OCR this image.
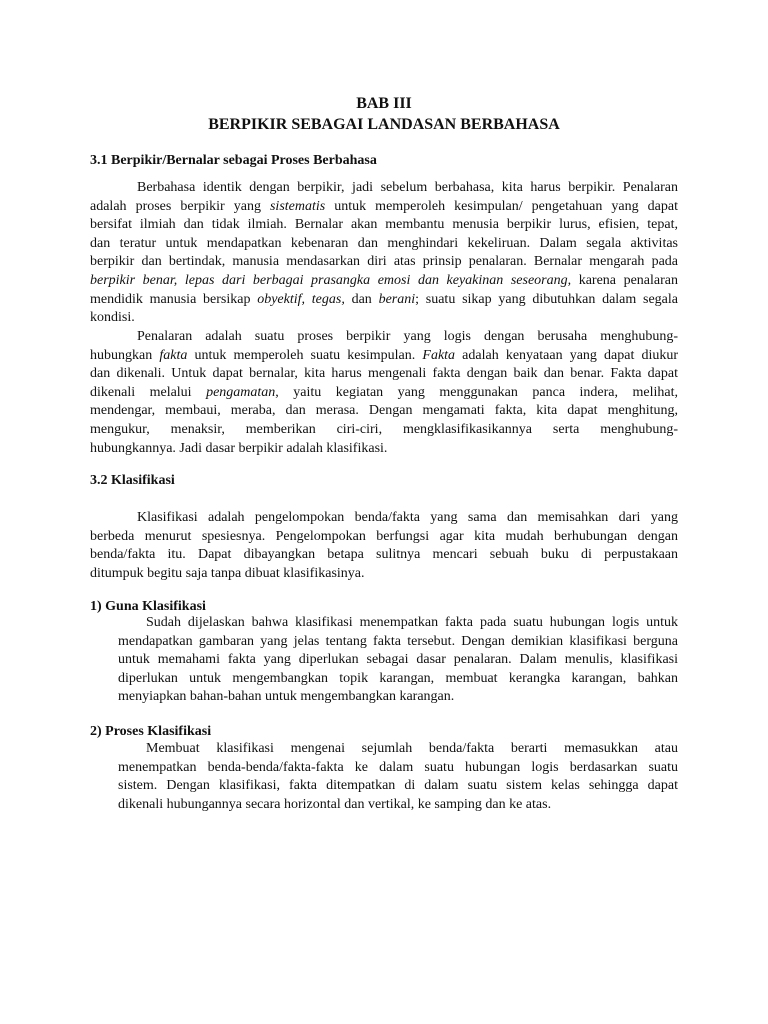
BAB III
BERPIKIR SEBAGAI LANDASAN BERBAHASA
3.1 Berpikir/Bernalar sebagai Proses Berbahasa
Berbahasa identik dengan berpikir, jadi sebelum berbahasa, kita harus berpikir. Penalaran
adalah proses berpikir yang sistematis untuk memperoleh kesimpulan/ pengetahuan yang dapat
bersifat ilmiah dan tidak ilmiah. Bernalar akan membantu menusia berpikir lurus, efisien, tepat,
dan teratur untuk mendapatkan kebenaran dan menghindari kekeliruan. Dalam segala aktivitas
berpikir dan bertindak, manusia mendasarkan diri atas prinsip penalaran. Bernalar mengarah pada
berpikir benar, lepas dari berbagai prasangka emosi dan keyakinan seseorang, karena penalaran
mendidik manusia bersikap obyektif, tegas, dan berani; suatu sikap yang dibutuhkan dalam segala
kondisi.
Penalaran adalah suatu proses berpikir yang logis dengan berusaha menghubung-
hubungkan fakta untuk memperoleh suatu kesimpulan. Fakta adalah kenyataan yang dapat diukur
dan dikenali. Untuk dapat bernalar, kita harus mengenali fakta dengan baik dan benar. Fakta dapat
dikenali melalui pengamatan, yaitu kegiatan yang menggunakan panca indera, melihat,
mendengar, membaui, meraba, dan merasa. Dengan mengamati fakta, kita dapat menghitung,
mengukur, menaksir, memberikan ciri-ciri, mengklasifikasikannya serta menghubung-
hubungkannya. Jadi dasar berpikir adalah klasifikasi.
3.2 Klasifikasi
Klasifikasi adalah pengelompokan benda/fakta yang sama dan memisahkan dari yang
berbeda menurut spesiesnya. Pengelompokan berfungsi agar kita mudah berhubungan dengan
benda/fakta itu. Dapat dibayangkan betapa sulitnya mencari sebuah buku di perpustakaan
ditumpuk begitu saja tanpa dibuat klasifikasinya.
1) Guna Klasifikasi
Sudah dijelaskan bahwa klasifikasi menempatkan fakta pada suatu hubungan logis untuk
mendapatkan gambaran yang jelas tentang fakta tersebut. Dengan demikian klasifikasi berguna
untuk memahami fakta yang diperlukan sebagai dasar penalaran. Dalam menulis, klasifikasi
diperlukan untuk mengembangkan topik karangan, membuat kerangka karangan, bahkan
menyiapkan bahan-bahan untuk mengembangkan karangan.
2) Proses Klasifikasi
Membuat klasifikasi mengenai sejumlah benda/fakta berarti memasukkan atau
menempatkan benda-benda/fakta-fakta ke dalam suatu hubungan logis berdasarkan suatu
sistem. Dengan klasifikasi, fakta ditempatkan di dalam suatu sistem kelas sehingga dapat
dikenali hubungannya secara horizontal dan vertikal, ke samping dan ke atas.
